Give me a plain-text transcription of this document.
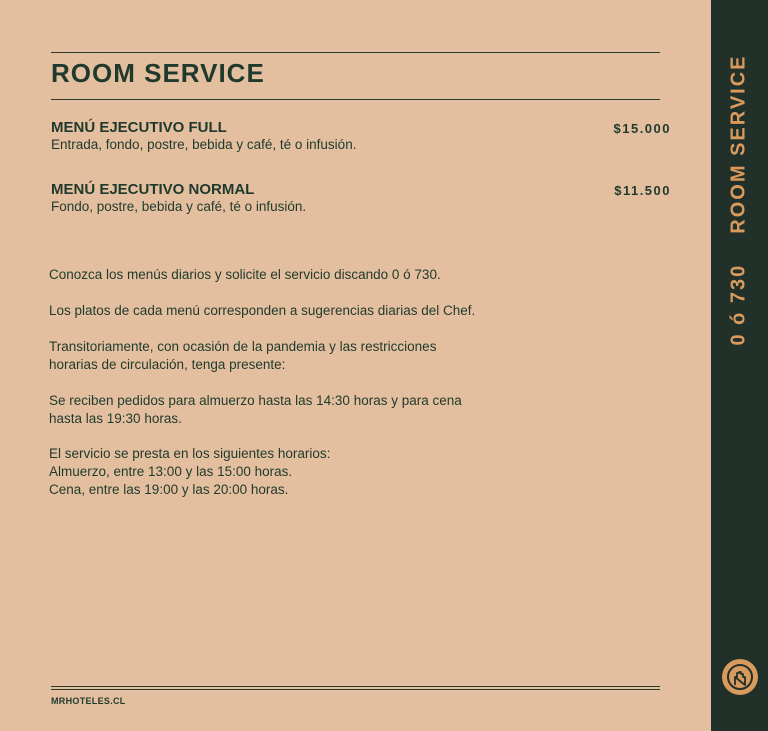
ROOM SERVICE
MENÚ EJECUTIVO FULL
Entrada, fondo, postre, bebida y café, té o infusión.
$15.000
MENÚ EJECUTIVO NORMAL
Fondo, postre, bebida y café, té o infusión.
$11.500
Conozca los menús diarios y solicite el servicio discando 0 ó 730.
Los platos de cada menú corresponden a sugerencias diarias del Chef.
Transitoriamente, con ocasión de la pandemia y las restricciones
horarias de circulación, tenga presente:
Se reciben pedidos para almuerzo hasta las 14:30 horas y para cena
hasta las 19:30 horas.
El servicio se presta en los siguientes horarios:
Almuerzo, entre 13:00 y las 15:00 horas.
Cena, entre las 19:00 y las 20:00 horas.
MRHOTELES.CL
0 ó 730ROOM SERVICE
